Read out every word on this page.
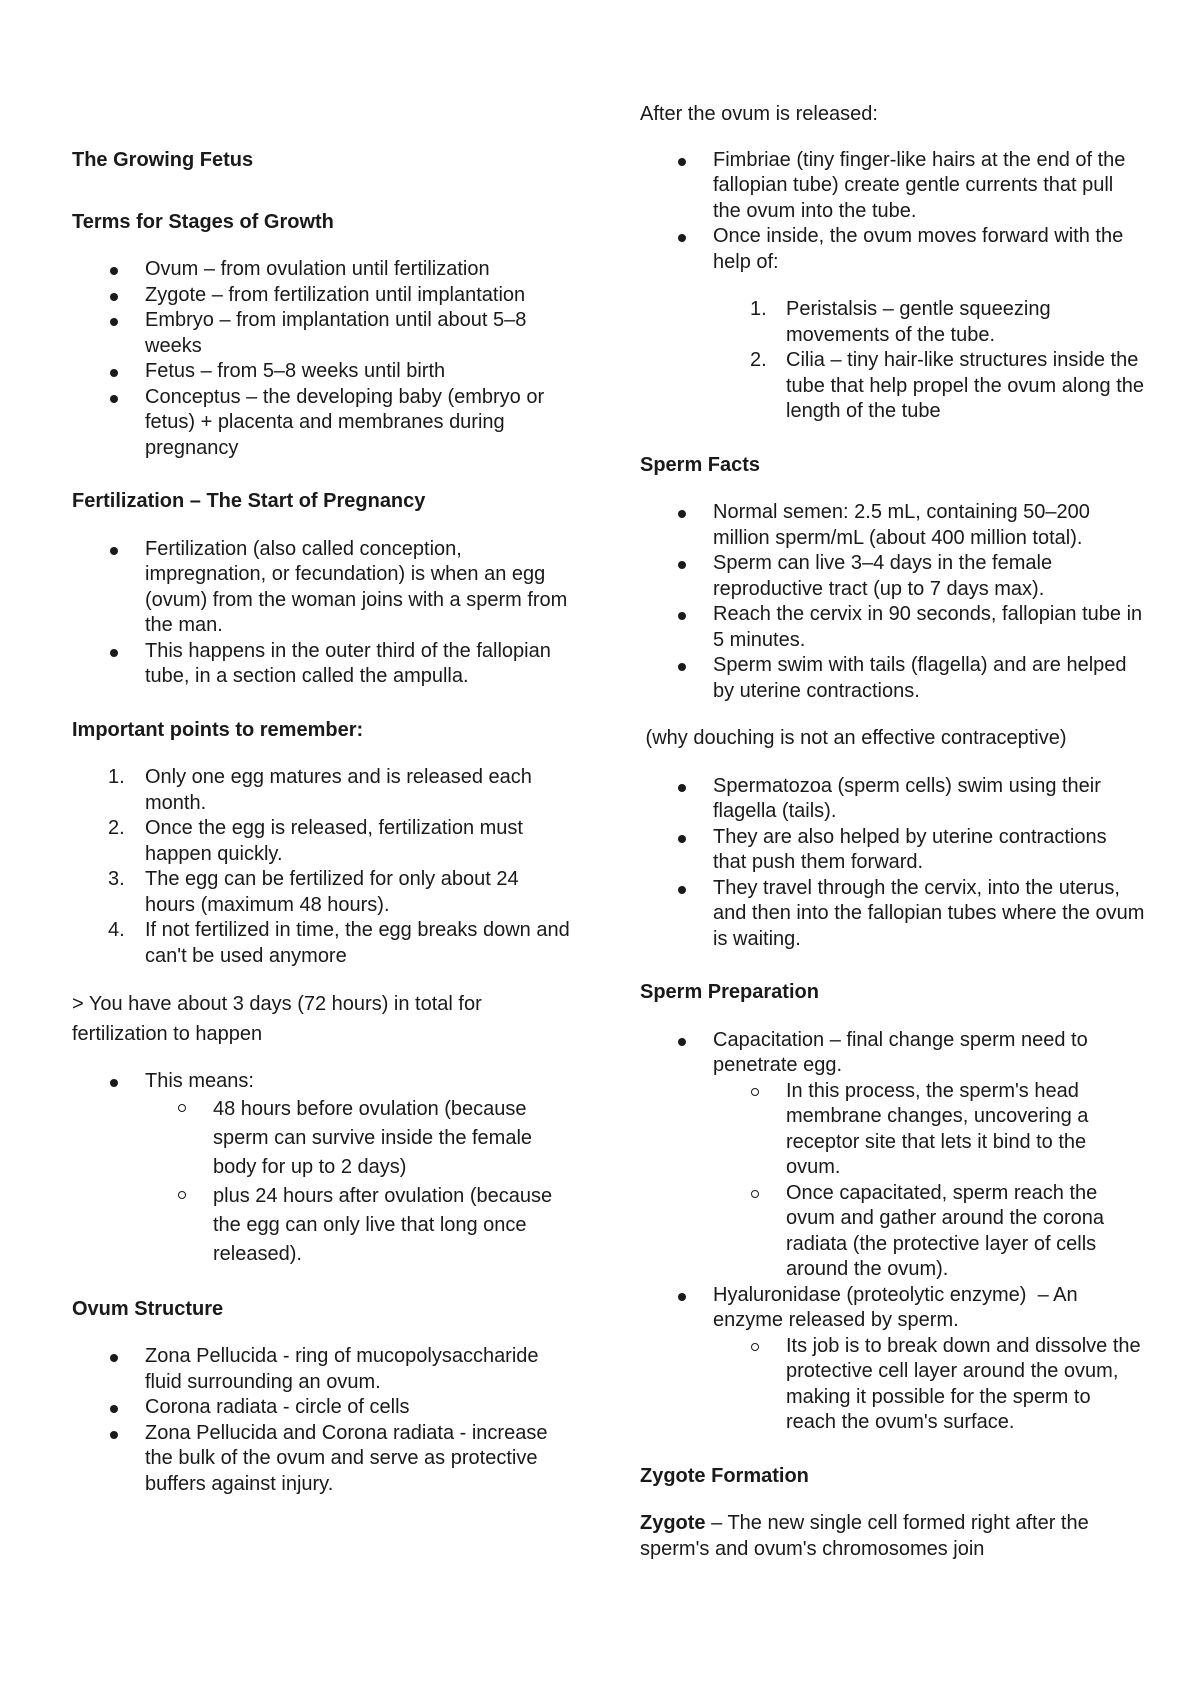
The Growing Fetus
Terms for Stages of Growth
Ovum – from ovulation until fertilization
Zygote – from fertilization until implantation
Embryo – from implantation until about 5–8 weeks
Fetus – from 5–8 weeks until birth
Conceptus – the developing baby (embryo or fetus) + placenta and membranes during pregnancy
Fertilization – The Start of Pregnancy
Fertilization (also called conception, impregnation, or fecundation) is when an egg (ovum) from the woman joins with a sperm from the man.
This happens in the outer third of the fallopian tube, in a section called the ampulla.
Important points to remember:
1. Only one egg matures and is released each month.
2. Once the egg is released, fertilization must happen quickly.
3. The egg can be fertilized for only about 24 hours (maximum 48 hours).
4. If not fertilized in time, the egg breaks down and can't be used anymore

> You have about 3 days (72 hours) in total for fertilization to happen

This means:
48 hours before ovulation (because sperm can survive inside the female body for up to 2 days)
plus 24 hours after ovulation (because the egg can only live that long once released).
Ovum Structure
Zona Pellucida - ring of mucopolysaccharide fluid surrounding an ovum.
Corona radiata - circle of cells
Zona Pellucida and Corona radiata - increase the bulk of the ovum and serve as protective buffers against injury.

After the ovum is released:

Fimbriae (tiny finger-like hairs at the end of the fallopian tube) create gentle currents that pull the ovum into the tube.
Once inside, the ovum moves forward with the help of:
1. Peristalsis – gentle squeezing movements of the tube.
2. Cilia – tiny hair-like structures inside the tube that help propel the ovum along the length of the tube
Sperm Facts
Normal semen: 2.5 mL, containing 50–200 million sperm/mL (about 400 million total).
Sperm can live 3–4 days in the female reproductive tract (up to 7 days max).
Reach the cervix in 90 seconds, fallopian tube in 5 minutes.
Sperm swim with tails (flagella) and are helped by uterine contractions.

(why douching is not an effective contraceptive)

Spermatozoa (sperm cells) swim using their flagella (tails).
They are also helped by uterine contractions that push them forward.
They travel through the cervix, into the uterus, and then into the fallopian tubes where the ovum is waiting.
Sperm Preparation
Capacitation – final change sperm need to penetrate egg.
In this process, the sperm's head membrane changes, uncovering a receptor site that lets it bind to the ovum.
Once capacitated, sperm reach the ovum and gather around the corona radiata (the protective layer of cells around the ovum).
Hyaluronidase (proteolytic enzyme)  – An enzyme released by sperm.
Its job is to break down and dissolve the protective cell layer around the ovum, making it possible for the sperm to reach the ovum's surface.
Zygote Formation

Zygote – The new single cell formed right after the sperm's and ovum's chromosomes join
